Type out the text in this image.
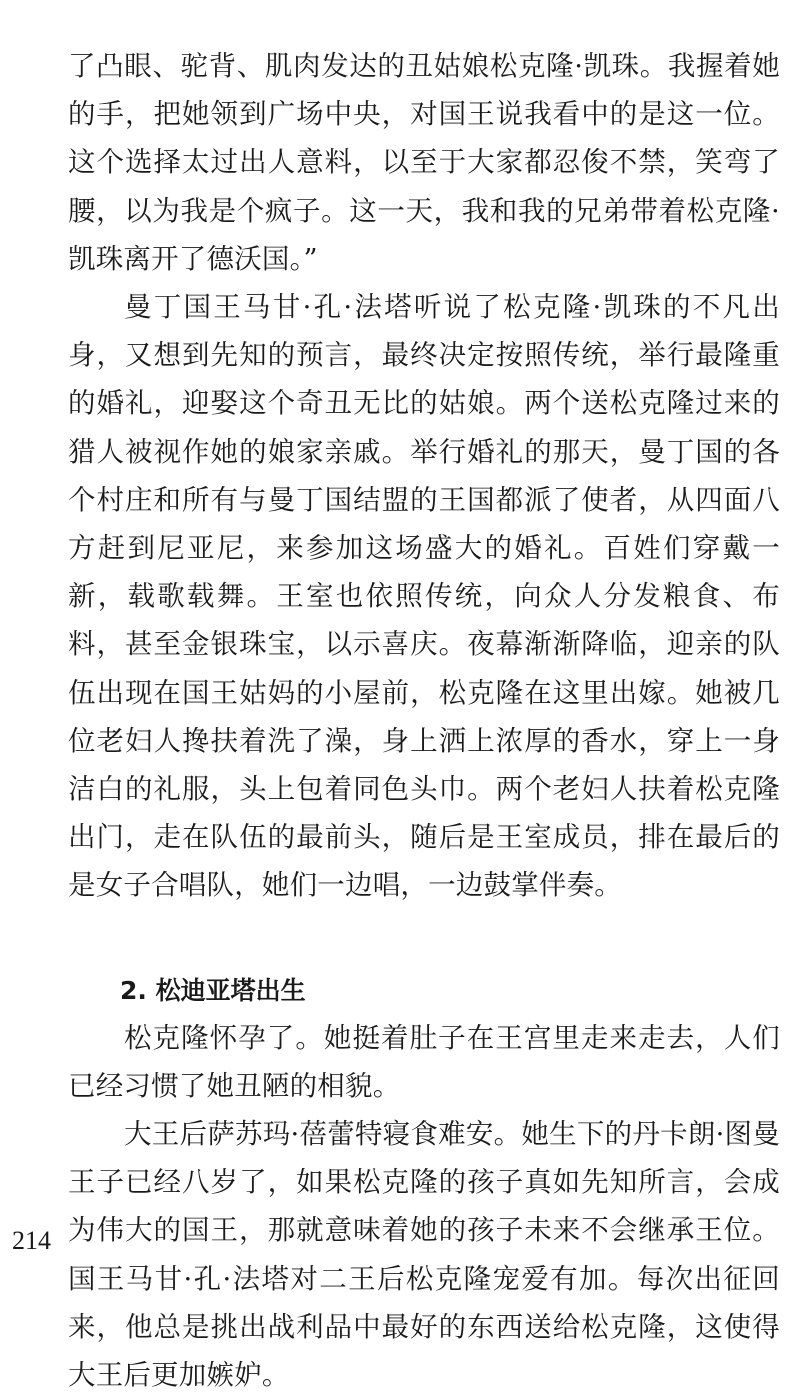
了凸眼、驼背、肌肉发达的丑姑娘松克隆·凯珠。我握着她的手，把她领到广场中央，对国王说我看中的是这一位。这个选择太过出人意料，以至于大家都忍俊不禁，笑弯了腰，以为我是个疯子。这一天，我和我的兄弟带着松克隆·凯珠离开了德沃国。”

曼丁国王马甘·孔·法塔听说了松克隆·凯珠的不凡出身，又想到先知的预言，最终决定按照传统，举行最隆重的婚礼，迎娶这个奇丑无比的姑娘。两个送松克隆过来的猎人被视作她的娘家亲戚。举行婚礼的那天，曼丁国的各个村庄和所有与曼丁国结盟的王国都派了使者，从四面八方赶到尼亚尼，来参加这场盛大的婚礼。百姓们穿戴一新，载歌载舞。王室也依照传统，向众人分发粮食、布料，甚至金银珠宝，以示喜庆。夜幕渐渐降临，迎亲的队伍出现在国王姑妈的小屋前，松克隆在这里出嫁。她被几位老妇人搀扶着洗了澡，身上洒上浓厚的香水，穿上一身洁白的礼服，头上包着同色头巾。两个老妇人扶着松克隆出门，走在队伍的最前头，随后是王室成员，排在最后的是女子合唱队，她们一边唱，一边鼓掌伴奏。

2. 松迪亚塔出生

松克隆怀孕了。她挺着肚子在王宫里走来走去，人们已经习惯了她丑陋的相貌。

大王后萨苏玛·蓓蕾特寝食难安。她生下的丹卡朗·图曼王子已经八岁了，如果松克隆的孩子真如先知所言，会成为伟大的国王，那就意味着她的孩子未来不会继承王位。国王马甘·孔·法塔对二王后松克隆宠爱有加。每次出征回来，他总是挑出战利品中最好的东西送给松克隆，这使得大王后更加嫉妒。

214
